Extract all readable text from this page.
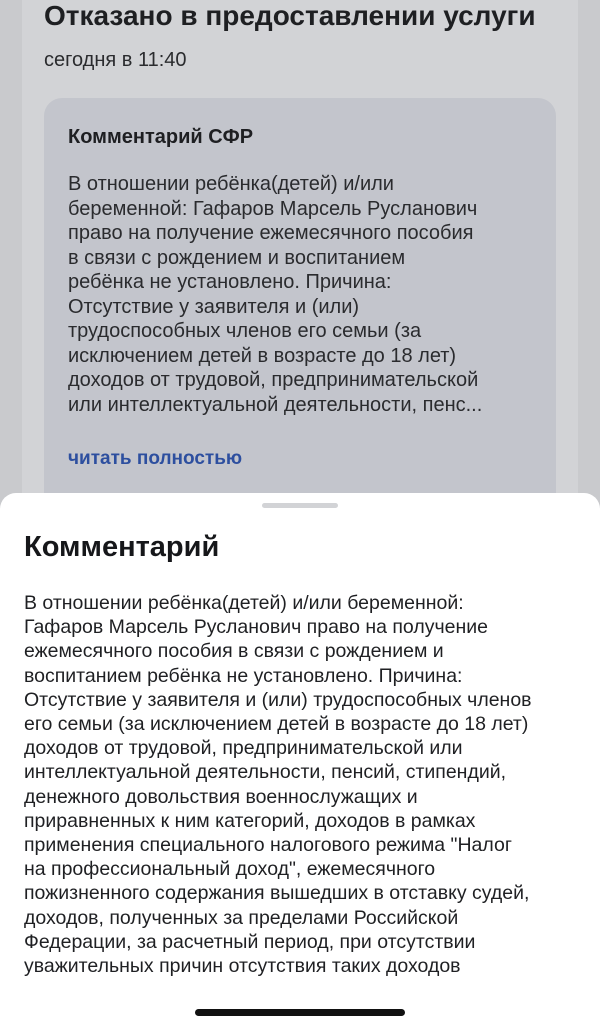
Отказано в предоставлении услуги
сегодня в 11:40
Комментарий СФР
В отношении ребёнка(детей) и/или
беременной: Гафаров Марсель Русланович
право на получение ежемесячного пособия
в связи с рождением и воспитанием
ребёнка не установлено. Причина:
Отсутствие у заявителя и (или)
трудоспособных членов его семьи (за
исключением детей в возрасте до 18 лет)
доходов от трудовой, предпринимательской
или интеллектуальной деятельности, пенс...
читать полностью
Комментарий
В отношении ребёнка(детей) и/или беременной:
Гафаров Марсель Русланович право на получение
ежемесячного пособия в связи с рождением и
воспитанием ребёнка не установлено. Причина:
Отсутствие у заявителя и (или) трудоспособных членов
его семьи (за исключением детей в возрасте до 18 лет)
доходов от трудовой, предпринимательской или
интеллектуальной деятельности, пенсий, стипендий,
денежного довольствия военнослужащих и
приравненных к ним категорий, доходов в рамках
применения специального налогового режима "Налог
на профессиональный доход", ежемесячного
пожизненного содержания вышедших в отставку судей,
доходов, полученных за пределами Российской
Федерации, за расчетный период, при отсутствии
уважительных причин отсутствия таких доходов
